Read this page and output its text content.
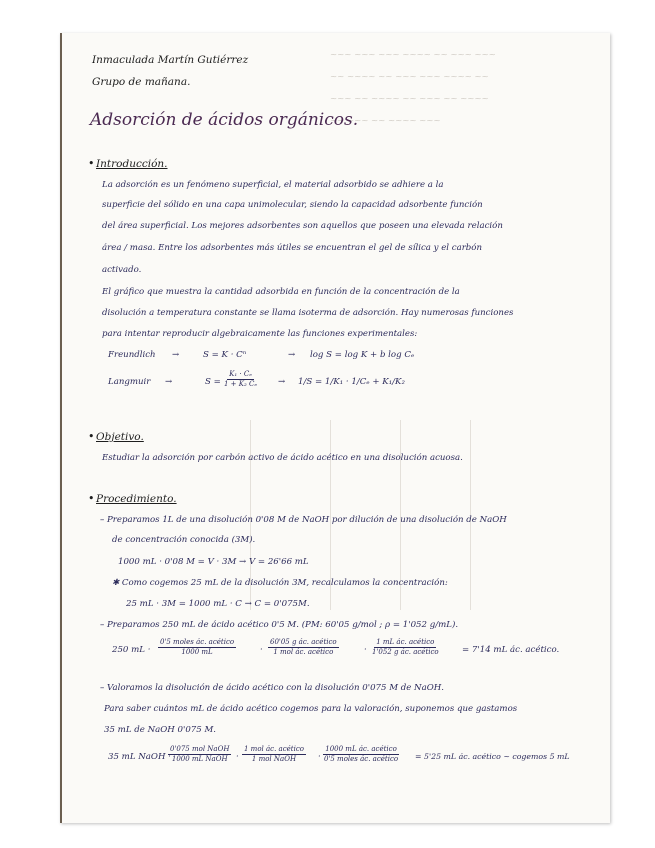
~~~ ~~~ ~~~ ~~~~ ~~ ~~~ ~~~
~~ ~~~~ ~~ ~~~ ~~~ ~~~~ ~~
~~~ ~~ ~~~~ ~~ ~~~ ~~ ~~~~
~~ ~~~ ~~ ~~~~ ~~~
Inmaculada Martín Gutiérrez
Grupo de mañana.
Adsorción de ácidos orgánicos.
• Introducción.
La adsorción es un fenómeno superficial, el material adsorbido se adhiere a la
superficie del sólido en una capa unimolecular, siendo la capacidad adsorbente función
del área superficial. Los mejores adsorbentes son aquellos que poseen una elevada relación
área / masa. Entre los adsorbentes más útiles se encuentran el gel de sílica y el carbón
activado.
El gráfico que muestra la cantidad adsorbida en función de la concentración de la
disolución a temperatura constante se llama isoterma de adsorción. Hay numerosas funciones
para intentar reproducir algebraicamente las funciones experimentales:
Freundlich →	S = K · Cⁿ	→ log S = log K + b log Cₑ
Langmuir →	$S = \frac{\text{K₁ · Cₑ}}{\text{1 + K₂ Cₑ}} \to 1/S = 1/K_1 \cdot 1/C_e + K_1/K_2$
• Objetivo.
Estudiar la adsorción por carbón activo de ácido acético en una disolución acuosa.
• Procedimiento.
– Preparamos 1L de una disolución 0'08 M de NaOH por dilución de una disolución de NaOH
de concentración conocida (3M).
1000 mL · 0'08 M = V · 3M → V = 26'66 mL
✱ Como cogemos 25 mL de la disolución 3M, recalculamos la concentración:
25 mL · 3M = 1000 mL · C → C = 0'075M.
– Preparamos 250 mL de ácido acético 0'5 M. (PM: 60'05 g/mol ; ρ = 1'052 g/mL).
250 mL ·
0'5 moles ác. acético
1000 mL	·
60'05 g ác. acético
1 mol ác. acético	·
1 mL ác. acético
1'052 g ác. acético	= 7'14 mL ác. acético.
– Valoramos la disolución de ácido acético con la disolución 0'075 M de NaOH.
Para saber cuántos mL de ácido acético cogemos para la valoración, suponemos que gastamos
35 mL de NaOH 0'075 M.
35 mL NaOH ·
0'075 mol NaOH
1000 mL NaOH ·
1 mol ác. acético
1 mol NaOH	·
1000 mL ác. acético
0'5 moles ác. acético = 5'25 mL ác. acético ~ cogemos 5 mL
